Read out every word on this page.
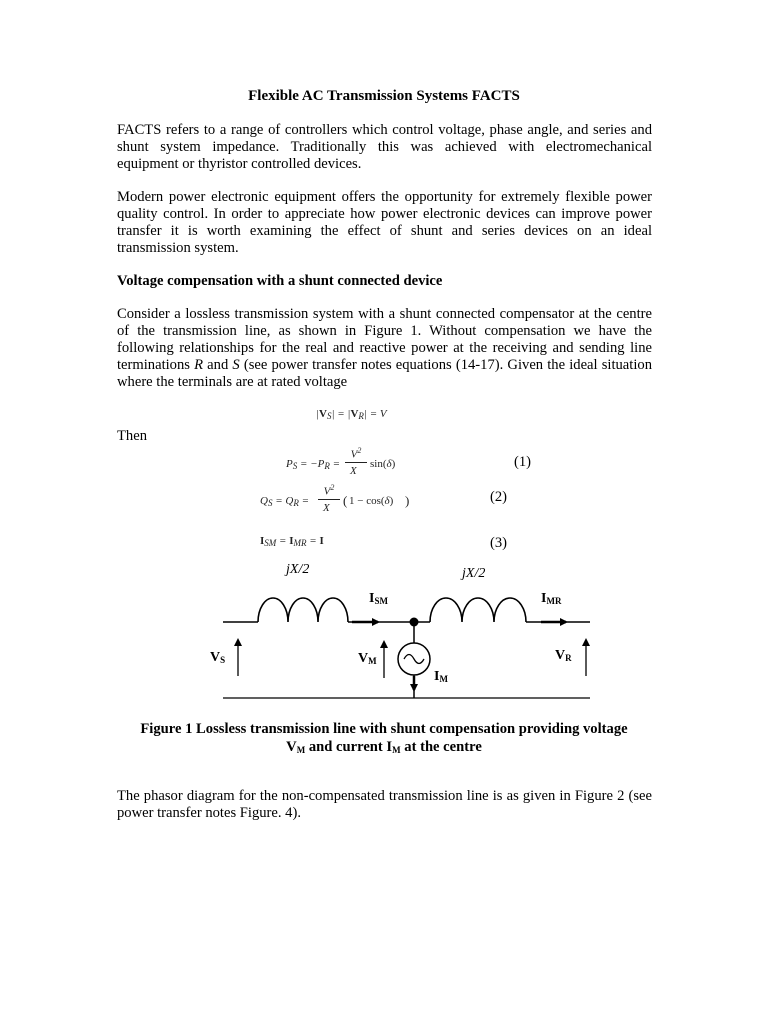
Flexible AC Transmission Systems FACTS
FACTS refers to a range of controllers which control voltage, phase angle, and series and shunt system impedance. Traditionally this was achieved with electromechanical equipment or thyristor controlled devices.
Modern power electronic equipment offers the opportunity for extremely flexible power quality control. In order to appreciate how power electronic devices can improve power transfer it is worth examining the effect of shunt and series devices on an ideal transmission system.
Voltage compensation with a shunt connected device
Consider a lossless transmission system with a shunt connected compensator at the centre of the transmission line, as shown in Figure 1. Without compensation we have the following relationships for the real and reactive power at the receiving and sending line terminations R and S (see power transfer notes equations (14-17). Given the ideal situation where the terminals are at rated voltage
$|V_S| = |V_R| = V$
Then
$P_S = -P_R$ =
$V^2$
X
sin(δ)	(1)
$Q_S = Q_R$ =
$V^2$
X ( 1 − cos(δ) )	(2)
$I_{SM} = I_{MR} = I$	(3)
jX/2	jX/2
$I_{SM}$	$I_{MR}$
$V_S$	$V_M$
$I_M$
$V_R$
Figure 1 Lossless transmission line with shunt compensation providing voltage
$V_M$ and current $I_M$ at the centre
The phasor diagram for the non-compensated transmission line is as given in Figure 2 (see power transfer notes Figure. 4).
